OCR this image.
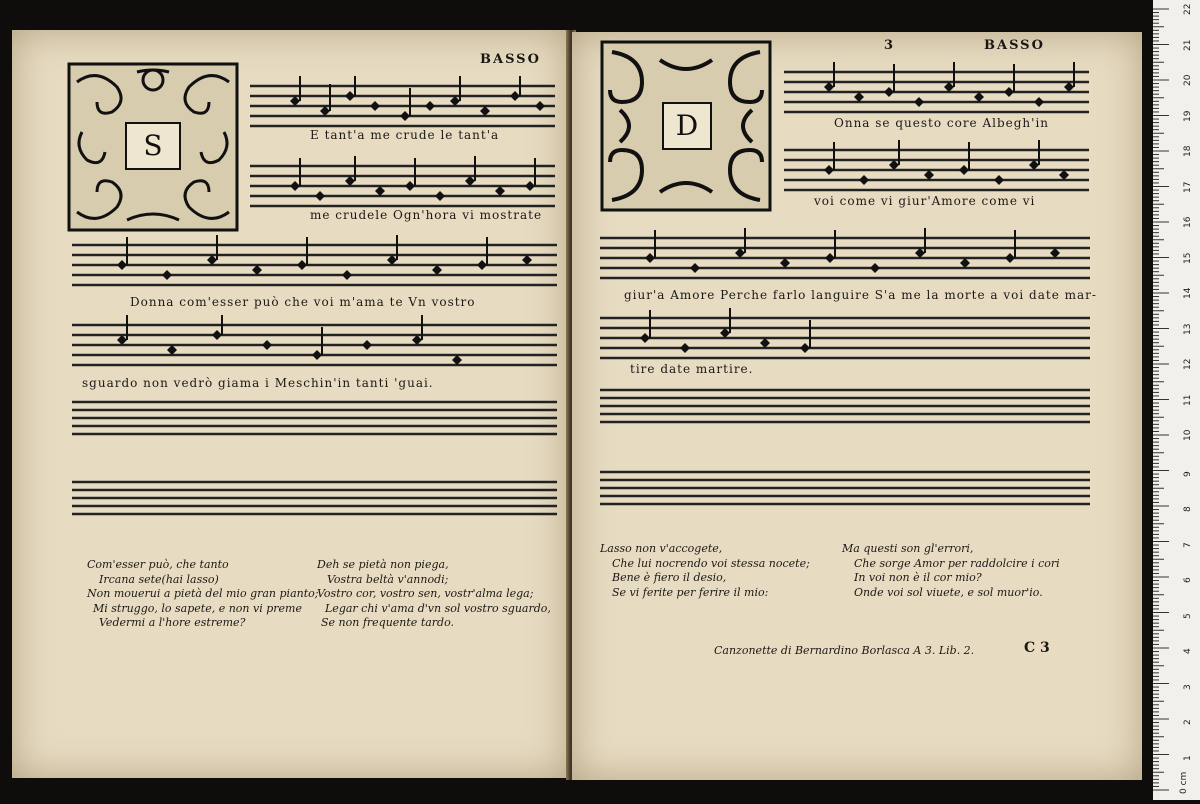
BASSO
S	E tant'a me crude le tant'a
me crudele Ogn'hora vi mostrate
Donna com'esser può che voi m'ama te Vn vostro
sguardo non vedrò giama i Meschin'in tanti 'guai.
Com'esser può, che tanto
Ircana sete(hai lasso)
Non mouerui a pietà del mio gran pianto;
Mi struggo, lo sapete, e non vi preme
Vedermi a l'hore estreme?
Deh se pietà non piega,
Vostra beltà v'annodi;
Vostro cor, vostro sen, vostr'alma lega;
Legar chi v'ama d'vn sol vostro sguardo,
Se non frequente tardo.
3	BASSO
D	Onna se questo core Albegh'in
voi come vi giur'Amore come vi
giur'a Amore Perche farlo languire S'a me la morte a voi date mar-
tire date martire.
Lasso non v'accogete,
Che lui nocrendo voi stessa nocete;
Bene è fiero il desio,
Se vi ferite per ferire il mio:
Ma questi son gl'errori,
Che sorge Amor per raddolcire i cori
In voi non è il cor mio?
Onde voi sol viuete, e sol muor'io.
Canzonette di Bernardino Borlasca A 3. Lib. 2.	C 3
0 cm
1
2
3
4
5
6
7
8
9
10
11
12
13
14
15
16
17
18
19
20
21
22
